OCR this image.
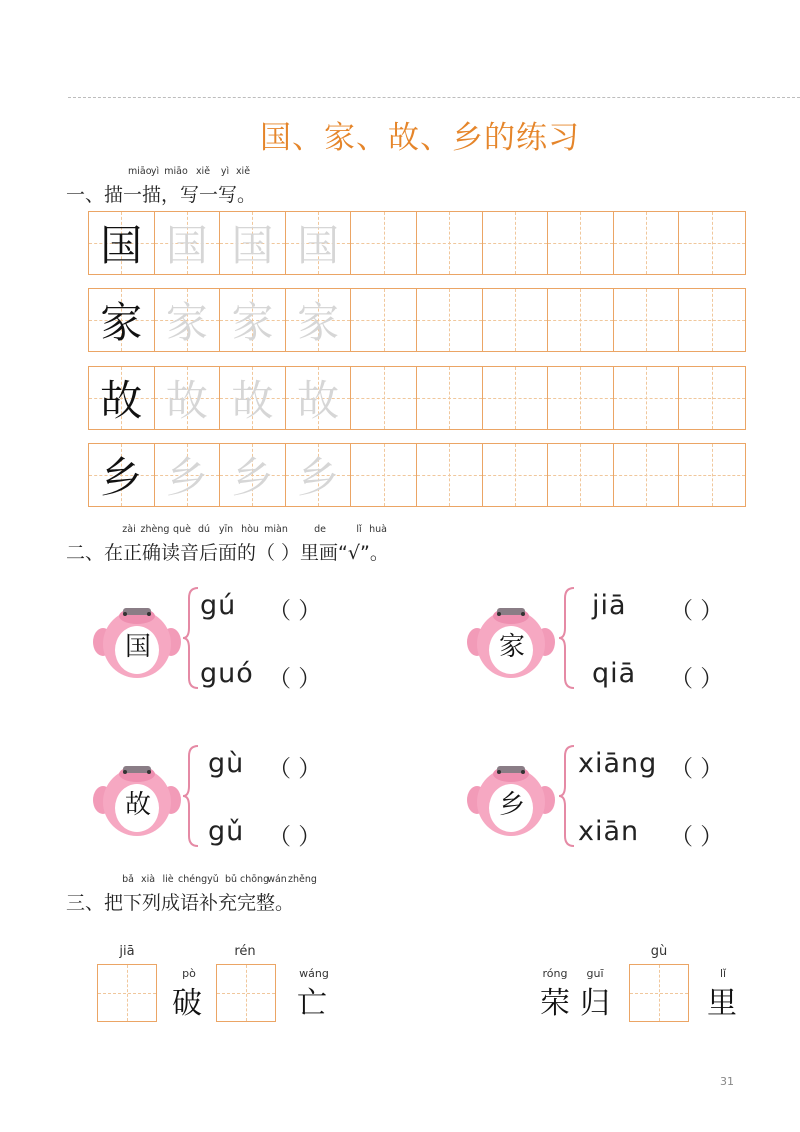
国、家、故、乡的练习
miāoyì miāo xiě yì xiě
一、描一描，写一写。
国 国 国 国
家 家 家 家
故 故 故 故
乡 乡 乡 乡
zài zhèng què dú yīn hòu miàn	de	lǐ huà
二、在正确读音后面的（ ）里画“√”。
国
gú （ ）
guó （ ）
家
jiā （ ）
qiā （ ）
故
gù （ ）
gǔ （ ）
乡
xiāng （ ）
xiān （ ）
bǎ xià liè chéngyǔ bǔ chōngwánzhěng
三、把下列成语补充完整。
jiā
pò
破
rén
wáng
亡
róng
荣
guī
归
gù
lǐ
里
31
